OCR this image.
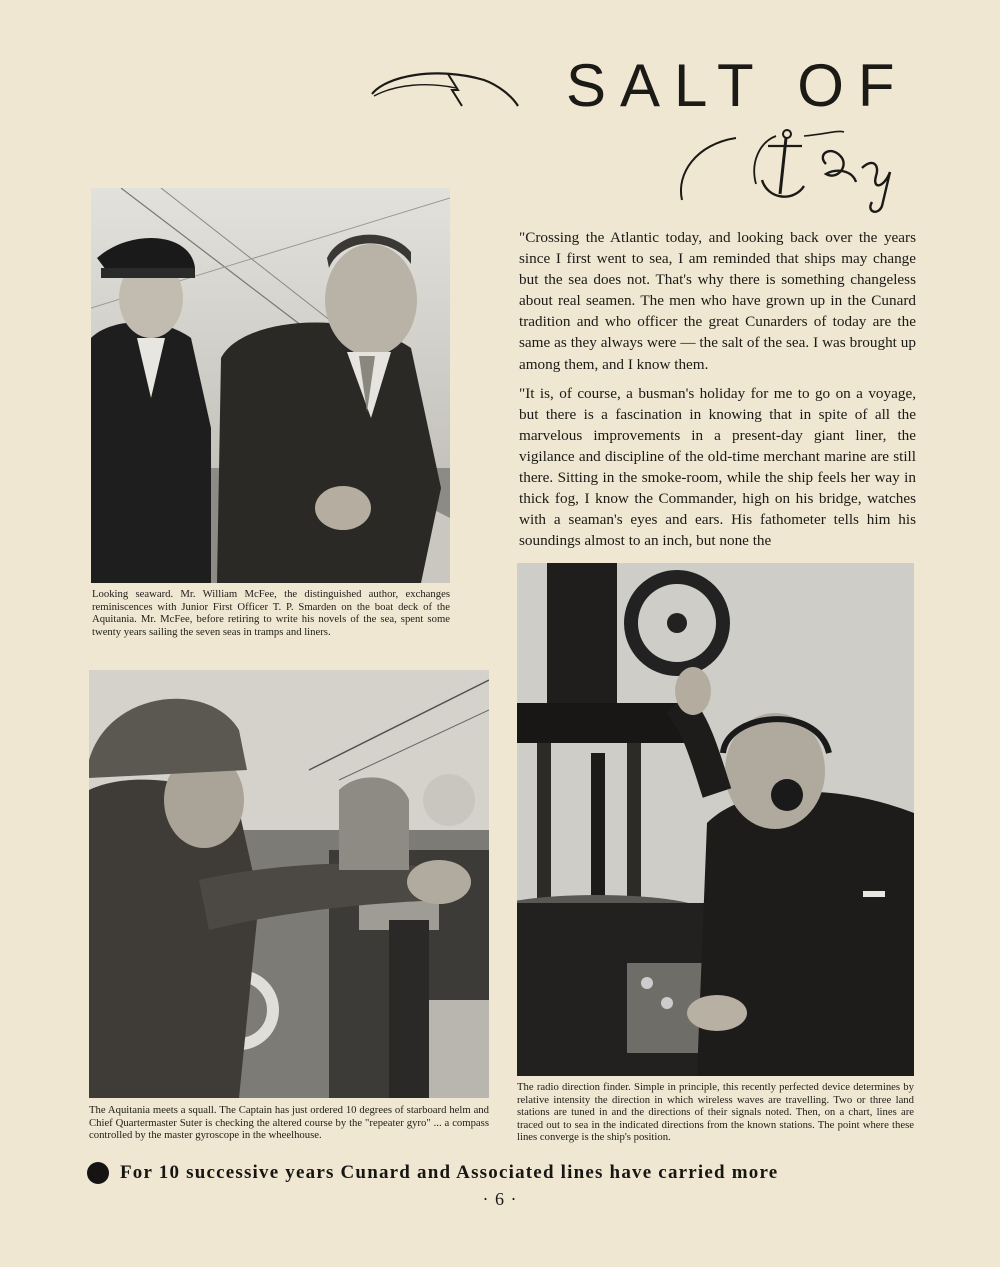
SALT OF
Looking seaward. Mr. William McFee, the distinguished author, exchanges reminiscences with Junior First Officer T. P. Smarden on the boat deck of the Aquitania. Mr. McFee, before retiring to write his novels of the sea, spent some twenty years sailing the seven seas in tramps and liners.

"Crossing the Atlantic today, and looking back over the years since I first went to sea, I am reminded that ships may change but the sea does not. That's why there is something changeless about real seamen. The men who have grown up in the Cunard tradition and who officer the great Cunarders of today are the same as they always were — the salt of the sea. I was brought up among them, and I know them.

"It is, of course, a busman's holiday for me to go on a voyage, but there is a fascination in knowing that in spite of all the marvelous improvements in a present-day giant liner, the vigilance and discipline of the old-time merchant marine are still there. Sitting in the smoke-room, while the ship feels her way in thick fog, I know the Commander, high on his bridge, watches with a seaman's eyes and ears. His fathometer tells him his soundings almost to an inch, but none the

The Aquitania meets a squall. The Captain has just ordered 10 degrees of starboard helm and Chief Quartermaster Suter is checking the altered course by the "repeater gyro" ... a compass controlled by the master gyroscope in the wheelhouse.
The radio direction finder. Simple in principle, this recently perfected device determines by relative intensity the direction in which wireless waves are travelling. Two or three land stations are tuned in and the directions of their signals noted. Then, on a chart, lines are traced out to sea in the indicated directions from the known stations. The point where these lines converge is the ship's position.
For 10 successive years Cunard and Associated lines have carried more
· 6 ·
